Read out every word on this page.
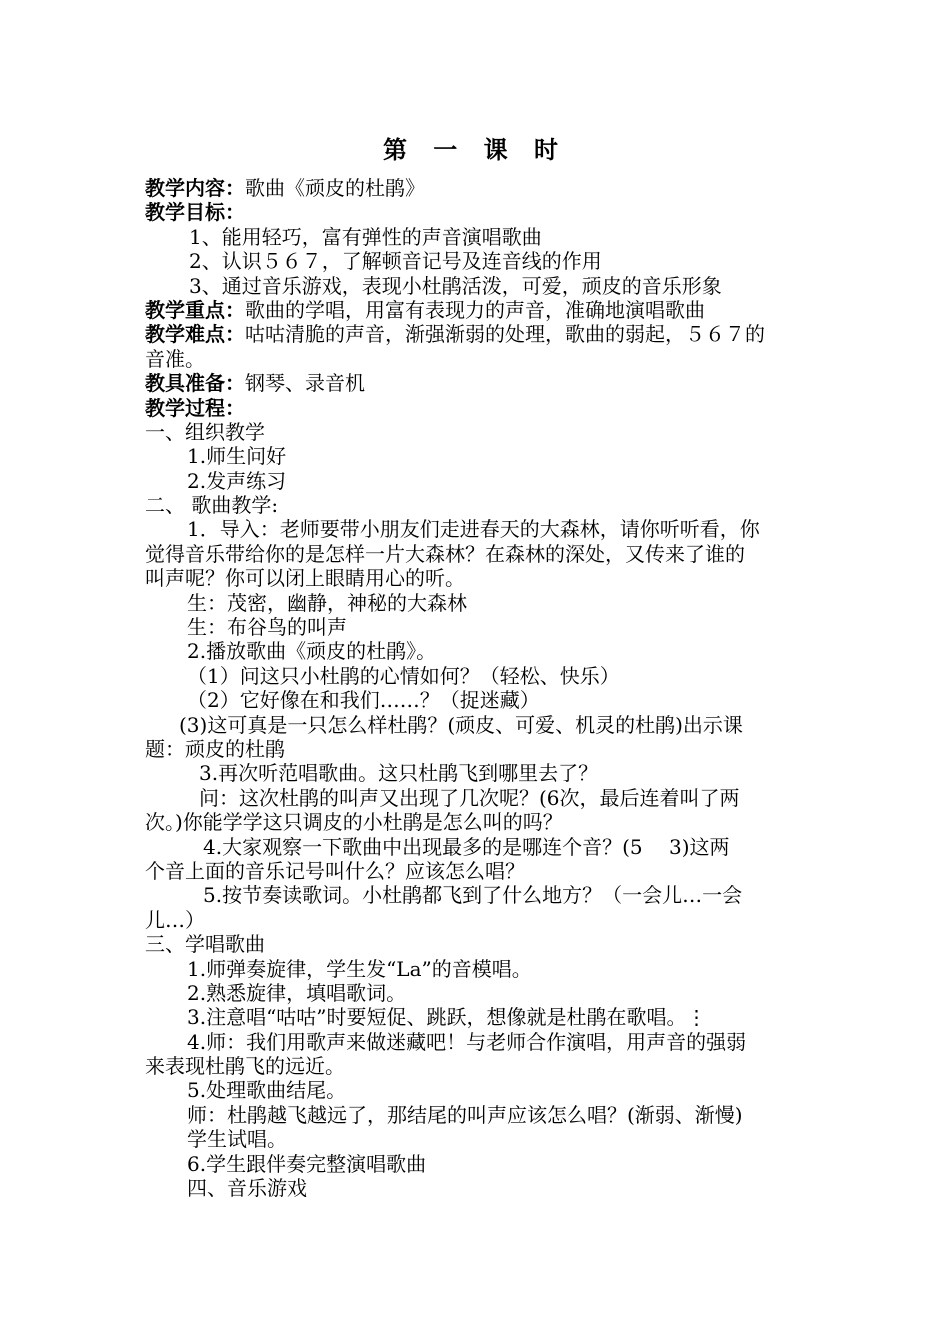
第 一 课 时
教学内容：歌曲《顽皮的杜鹃》
教学目标：
1、能用轻巧，富有弹性的声音演唱歌曲
2、认识５６７，了解顿音记号及连音线的作用
3、通过音乐游戏，表现小杜鹃活泼，可爱，顽皮的音乐形象
教学重点：歌曲的学唱，用富有表现力的声音，准确地演唱歌曲
教学难点：咕咕清脆的声音，渐强渐弱的处理，歌曲的弱起，５６７的
音准。
教具准备：钢琴、录音机
教学过程：
一、组织教学
1.师生问好
2.发声练习
二、 歌曲教学:
1．导入：老师要带小朋友们走进春天的大森林，请你听听看，你
觉得音乐带给你的是怎样一片大森林？在森林的深处，又传来了谁的
叫声呢？你可以闭上眼睛用心的听。
生：茂密，幽静，神秘的大森林
生：布谷鸟的叫声
2.播放歌曲《顽皮的杜鹃》。
（1）问这只小杜鹃的心情如何？（轻松、快乐）
（2）它好像在和我们……？（捉迷藏）
(3)这可真是一只怎么样杜鹃？(顽皮、可爱、机灵的杜鹃)出示课
题：顽皮的杜鹃
3.再次听范唱歌曲。这只杜鹃飞到哪里去了？
问：这次杜鹃的叫声又出现了几次呢？(6次，最后连着叫了两
次。)你能学学这只调皮的小杜鹃是怎么叫的吗？
4.大家观察一下歌曲中出现最多的是哪连个音？(5　 3)这两
个音上面的音乐记号叫什么？应该怎么唱？
5.按节奏读歌词。小杜鹃都飞到了什么地方？（一会儿…一会
儿…）
三、学唱歌曲
1.师弹奏旋律，学生发“La”的音模唱。
2.熟悉旋律，填唱歌词。
3.注意唱“咕咕”时要短促、跳跃，想像就是杜鹃在歌唱。⋮
4.师：我们用歌声来做迷藏吧！与老师合作演唱，用声音的强弱
来表现杜鹃飞的远近。
5.处理歌曲结尾。
师：杜鹃越飞越远了，那结尾的叫声应该怎么唱？(渐弱、渐慢)
学生试唱。
6.学生跟伴奏完整演唱歌曲
四、音乐游戏
